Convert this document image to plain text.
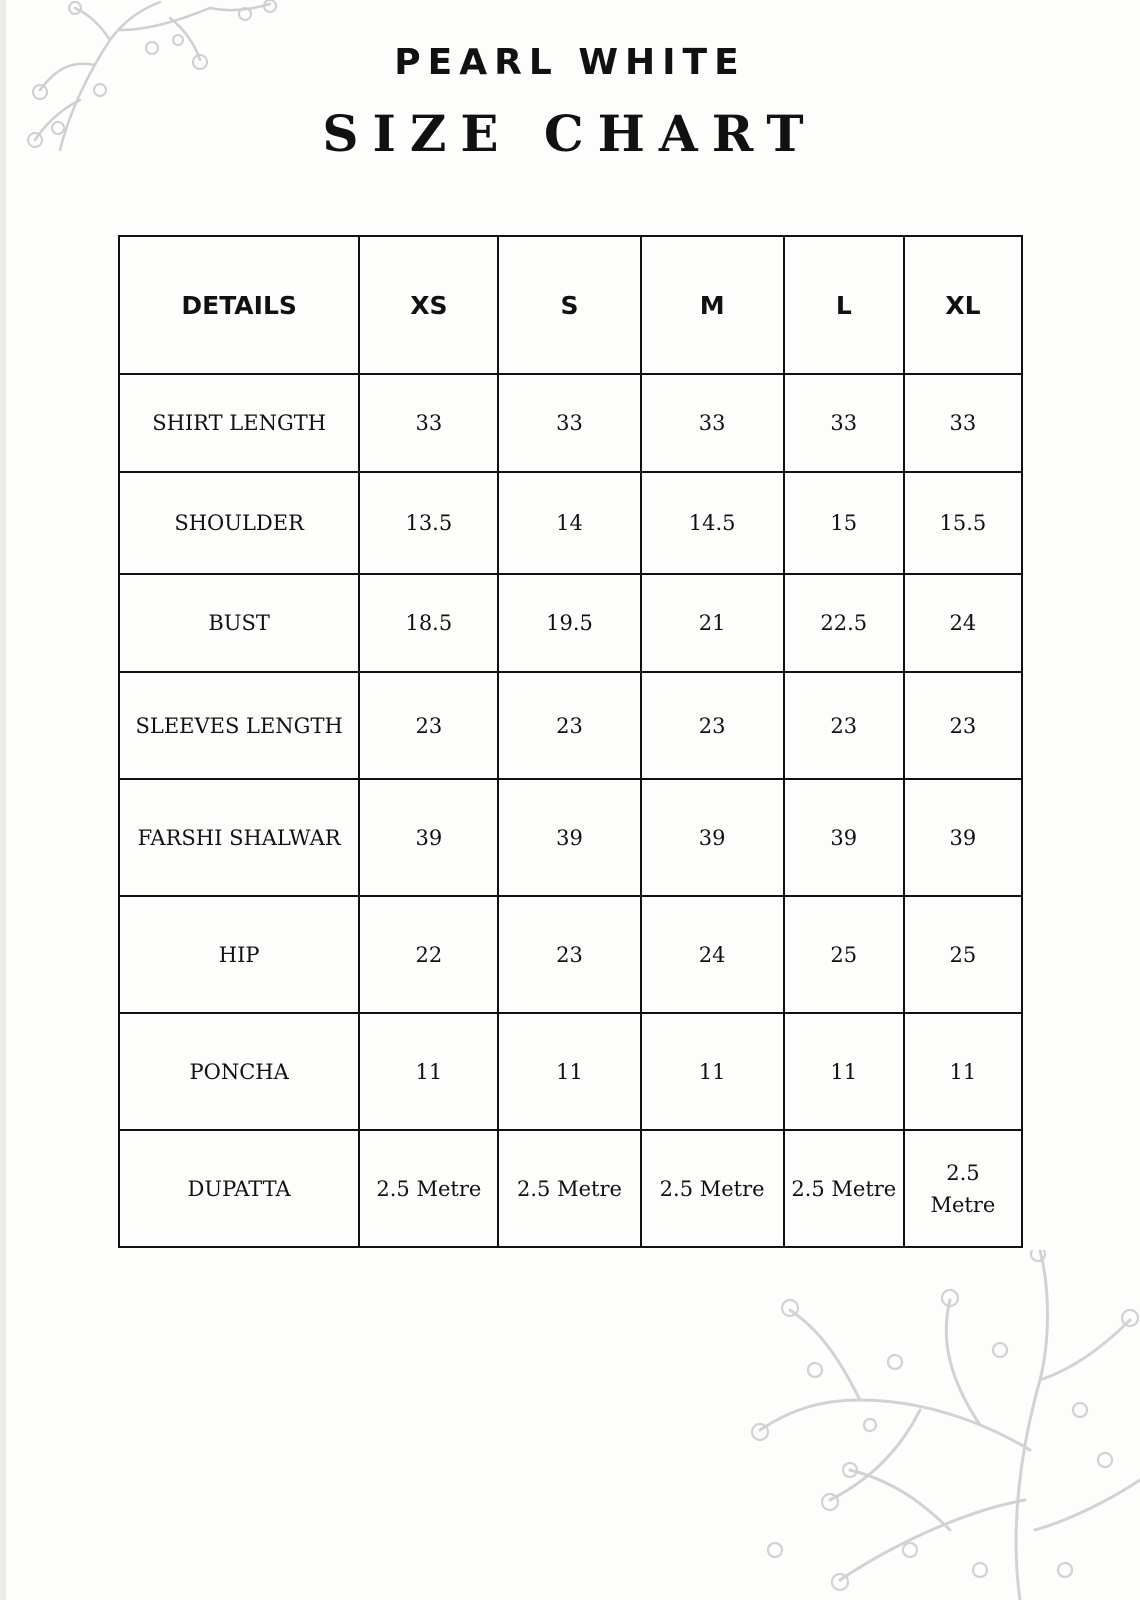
PEARL WHITE
SIZE CHART
DETAILS	XS	S	M	L	XL
SHIRT LENGTH	33	33	33	33	33
SHOULDER	13.5	14	14.5	15	15.5
BUST	18.5	19.5	21	22.5	24
SLEEVES LENGTH	23	23	23	23	23
FARSHI SHALWAR	39	39	39	39	39
HIP	22	23	24	25	25
PONCHA	11	11	11	11	11
DUPATTA	2.5 Metre	2.5 Metre	2.5 Metre	2.5 Metre	2.5 Metre
